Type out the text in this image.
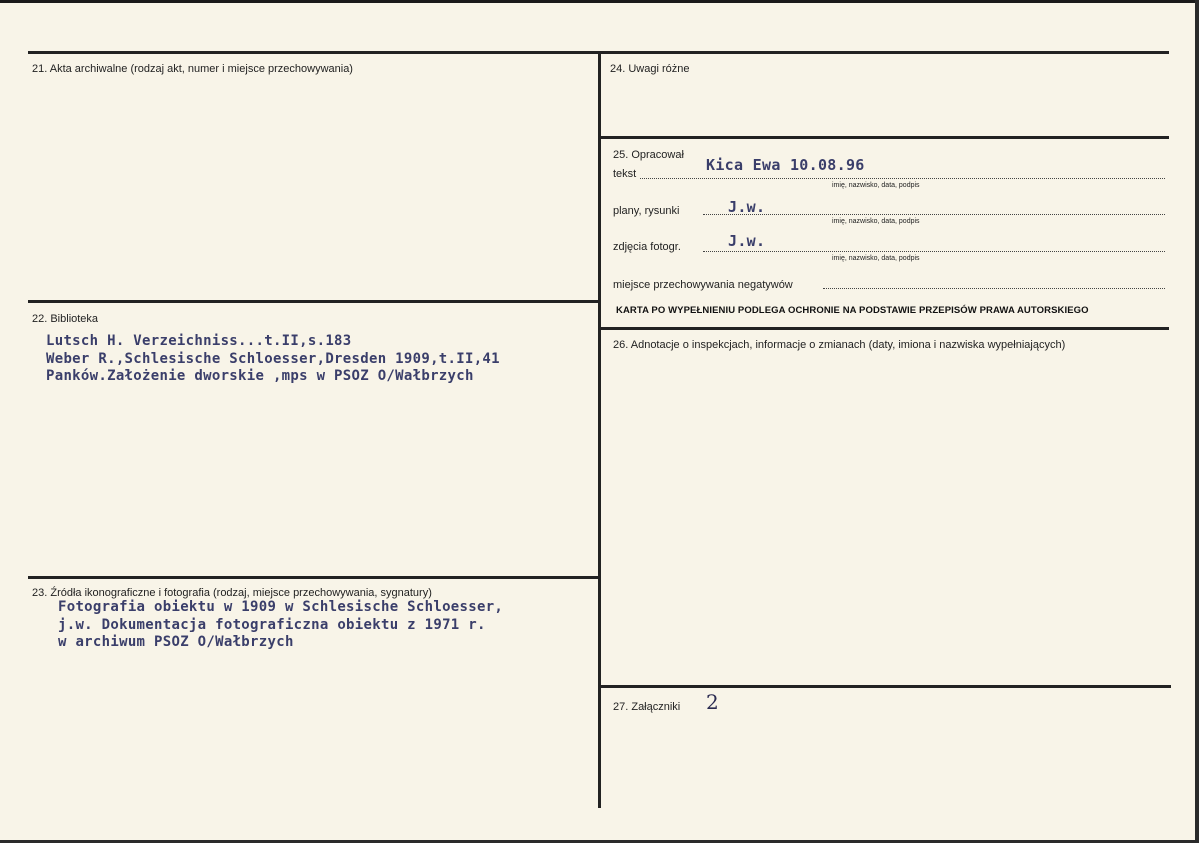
21. Akta archiwalne (rodzaj akt, numer i miejsce przechowywania)
22. Biblioteka
Lutsch H. Verzeichniss...t.II,s.183
Weber R.,Schlesische Schloesser,Dresden 1909,t.II,41
Panków.Założenie dworskie ,mps w PSOZ O/Wałbrzych
23. Źródła ikonograficzne i fotografia (rodzaj, miejsce przechowywania, sygnatury)
Fotografia obiektu w 1909 w Schlesische Schloesser,
j.w. Dokumentacja fotograficzna obiektu z 1971 r.
w archiwum PSOZ O/Wałbrzych
24. Uwagi różne
25. Opracował
tekst	Kica Ewa 10.08.96
imię, nazwisko, data, podpis
plany, rysunki	J.w.
imię, nazwisko, data, podpis
zdjęcia fotogr.	J.w.
imię, nazwisko, data, podpis
miejsce przechowywania negatywów
KARTA PO WYPEŁNIENIU PODLEGA OCHRONIE NA PODSTAWIE PRZEPISÓW PRAWA AUTORSKIEGO
26. Adnotacje o inspekcjach, informacje o zmianach (daty, imiona i nazwiska wypełniających)
27. Załączniki 2
